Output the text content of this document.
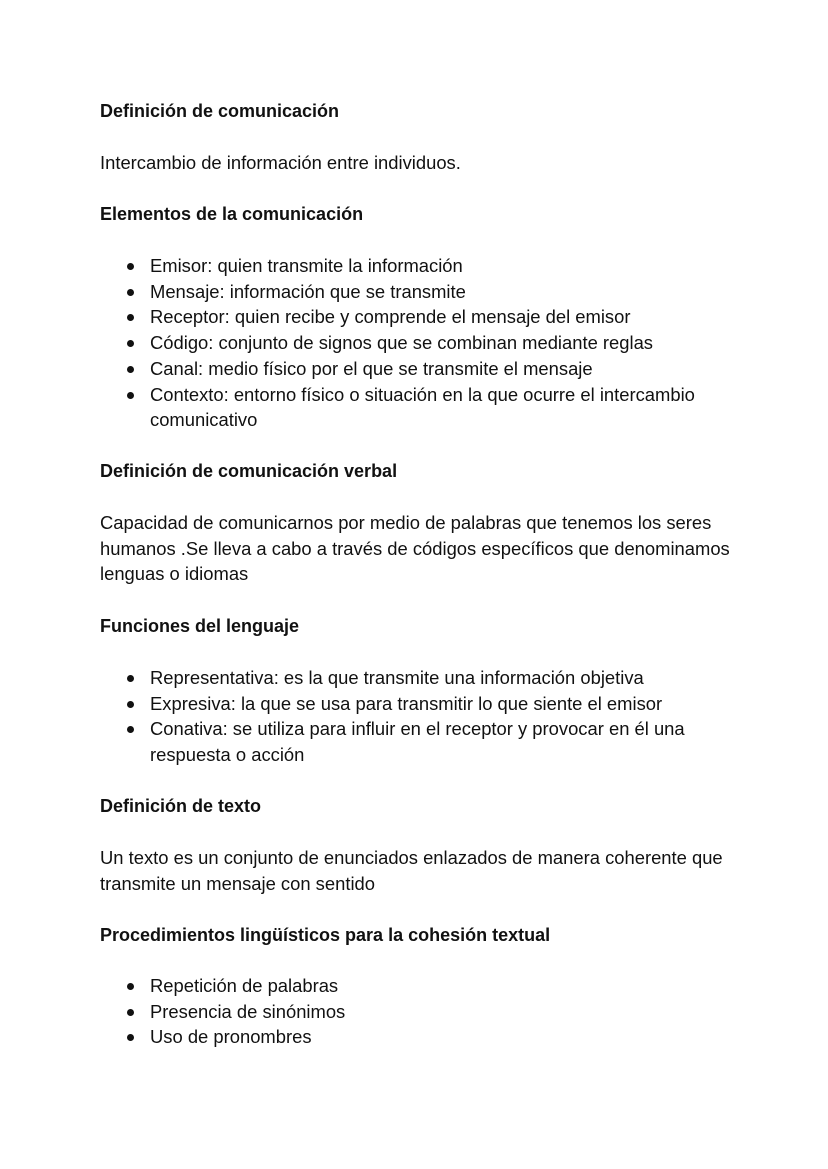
Definición de comunicación

Intercambio de información entre individuos.

Elementos de la comunicación
Emisor: quien transmite la información
Mensaje: información que se transmite
Receptor: quien recibe y comprende el mensaje del emisor
Código: conjunto de signos que se combinan mediante reglas
Canal: medio físico por el que se transmite el mensaje
Contexto: entorno físico o situación en la que ocurre el intercambio comunicativo
Definición de comunicación verbal

Capacidad de comunicarnos por medio de palabras que tenemos los seres humanos .Se lleva a cabo a través de códigos específicos que denominamos lenguas o idiomas

Funciones del lenguaje
Representativa: es la que transmite una información objetiva
Expresiva: la que se usa para transmitir lo que siente el emisor
Conativa: se utiliza para influir en el receptor y provocar en él una respuesta o acción
Definición de texto

Un texto es un conjunto de enunciados enlazados de manera coherente que transmite un mensaje con sentido

Procedimientos lingüísticos para la cohesión textual
Repetición de palabras
Presencia de sinónimos
Uso de pronombres
